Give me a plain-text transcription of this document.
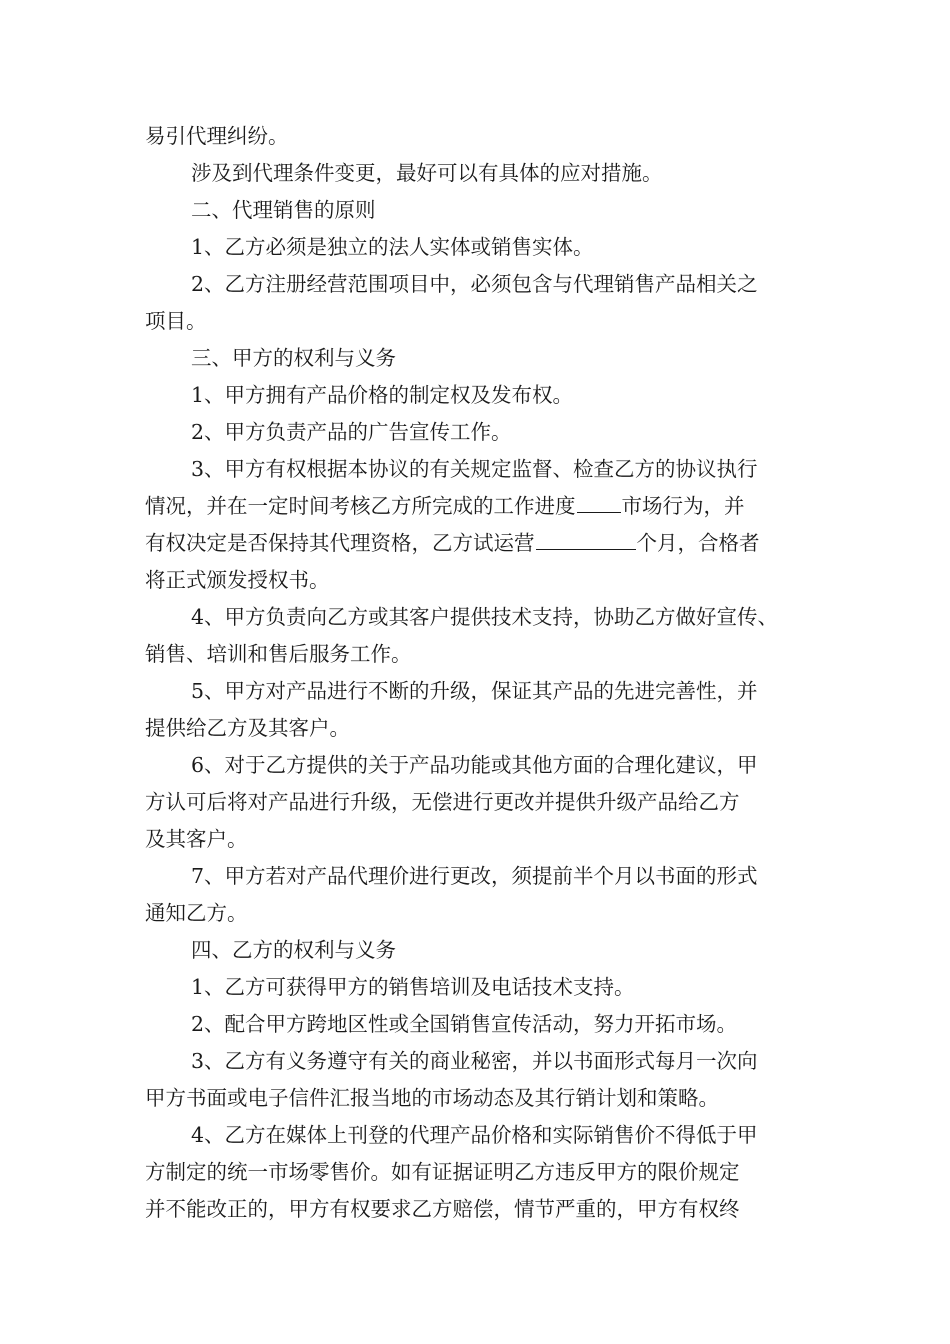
易引代理纠纷。
涉及到代理条件变更，最好可以有具体的应对措施。
二、代理销售的原则
1、乙方必须是独立的法人实体或销售实体。
2、乙方注册经营范围项目中，必须包含与代理销售产品相关之
项目。
三、甲方的权利与义务
1、甲方拥有产品价格的制定权及发布权。
2、甲方负责产品的广告宣传工作。
3、甲方有权根据本协议的有关规定监督、检查乙方的协议执行
情况，并在一定时间考核乙方所完成的工作进度 市场行为，并
有权决定是否保持其代理资格，乙方试运营	个月，合格者
将正式颁发授权书。
4、甲方负责向乙方或其客户提供技术支持，协助乙方做好宣传、
销售、培训和售后服务工作。
5、甲方对产品进行不断的升级，保证其产品的先进完善性，并
提供给乙方及其客户。
6、对于乙方提供的关于产品功能或其他方面的合理化建议，甲
方认可后将对产品进行升级，无偿进行更改并提供升级产品给乙方
及其客户。
7、甲方若对产品代理价进行更改，须提前半个月以书面的形式
通知乙方。
四、乙方的权利与义务
1、乙方可获得甲方的销售培训及电话技术支持。
2、配合甲方跨地区性或全国销售宣传活动，努力开拓市场。
3、乙方有义务遵守有关的商业秘密，并以书面形式每月一次向
甲方书面或电子信件汇报当地的市场动态及其行销计划和策略。
4、乙方在媒体上刊登的代理产品价格和实际销售价不得低于甲
方制定的统一市场零售价。如有证据证明乙方违反甲方的限价规定
并不能改正的，甲方有权要求乙方赔偿，情节严重的，甲方有权终
